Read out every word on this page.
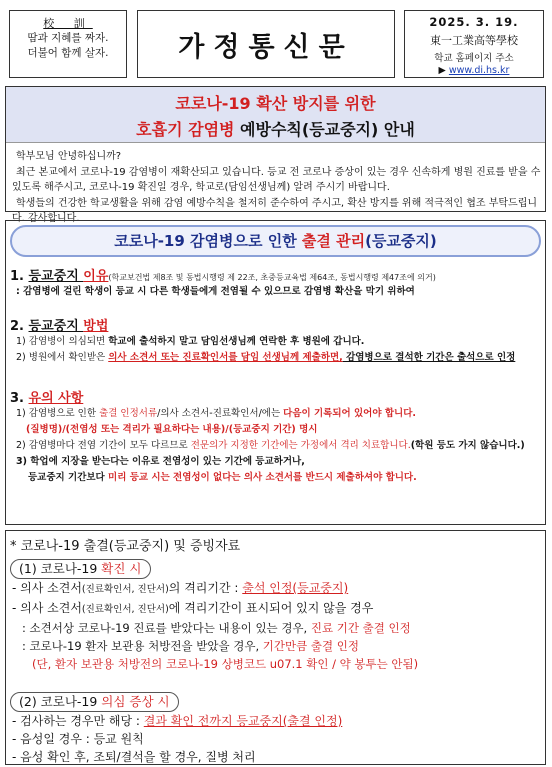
校 訓
땀과 지혜를 짜자.
더불어 함께 살자.	가정통신문
2025. 3. 19.
東一工業高等學校
학교 홈페이지 주소
▶ www.di.hs.kr
코로나-19 확산 방지를 위한
호흡기 감염병 예방수칙(등교중지) 안내

학부모님 안녕하십니까?

최근 본교에서 코로나-19 감염병이 재확산되고 있습니다. 등교 전 코로나 증상이 있는 경우 신속하게 병원 진료를 받을 수 있도록 해주시고, 코로나-19 확진일 경우, 학교로(담임선생님께) 알려 주시기 바랍니다.

학생들의 건강한 학교생활을 위해 감염 예방수칙을 철저히 준수하여 주시고, 확산 방지를 위해 적극적인 협조 부탁드립니다. 감사합니다.

코로나-19 감염병으로 인한 출결 관리(등교중지)
1. 등교중지 이유(학교보건법 제8조 및 동법시행령 제 22조, 초중등교육법 제64조, 동법시행령 제47조에 의거)
: 감염병에 걸린 학생이 등교 시 다른 학생들에게 전염될 수 있으므로 감염병 확산을 막기 위하여
2. 등교중지 방법
1) 감염병이 의심되면 학교에 출석하지 말고 담임선생님께 연락한 후 병원에 갑니다.
2) 병원에서 확인받은 의사 소견서 또는 진료확인서를 담임 선생님께 제출하면, 감염병으로 결석한 기간은 출석으로 인정
3. 유의 사항
1) 감염병으로 인한 출결 인정서류/의사 소견서-진료확인서/에는 다음이 기록되어 있어야 합니다.
(질병명)/(전염성 또는 격리가 필요하다는 내용)/(등교중지 기간) 명시
2) 감염병마다 전염 기간이 모두 다르므로 전문의가 지정한 기간에는 가정에서 격리 치료합니다.(학원 등도 가지 않습니다.)
3) 학업에 지장을 받는다는 이유로 전염성이 있는 기간에 등교하거나,
등교중지 기간보다 미리 등교 시는 전염성이 없다는 의사 소견서를 반드시 제출하셔야 합니다.
* 코로나-19 출결(등교중지) 및 증빙자료
(1) 코로나-19 확진 시
- 의사 소견서(진료확인서, 진단서)의 격리기간 : 출석 인정(등교중지)
- 의사 소견서(진료확인서, 진단서)에 격리기간이 표시되어 있지 않을 경우
: 소견서상 코로나-19 진료를 받았다는 내용이 있는 경우, 진료 기간 출결 인정
: 코로나-19 환자 보관용 처방전을 받았을 경우, 기간만큼 출결 인정
(단, 환자 보관용 처방전의 코로나-19 상병코드 u07.1 확인 / 약 봉투는 안됨)
(2) 코로나-19 의심 증상 시
- 검사하는 경우만 해당 : 결과 확인 전까지 등교중지(출결 인정)
- 음성일 경우 : 등교 원칙
- 음성 확인 후, 조퇴/결석을 할 경우, 질병 처리
